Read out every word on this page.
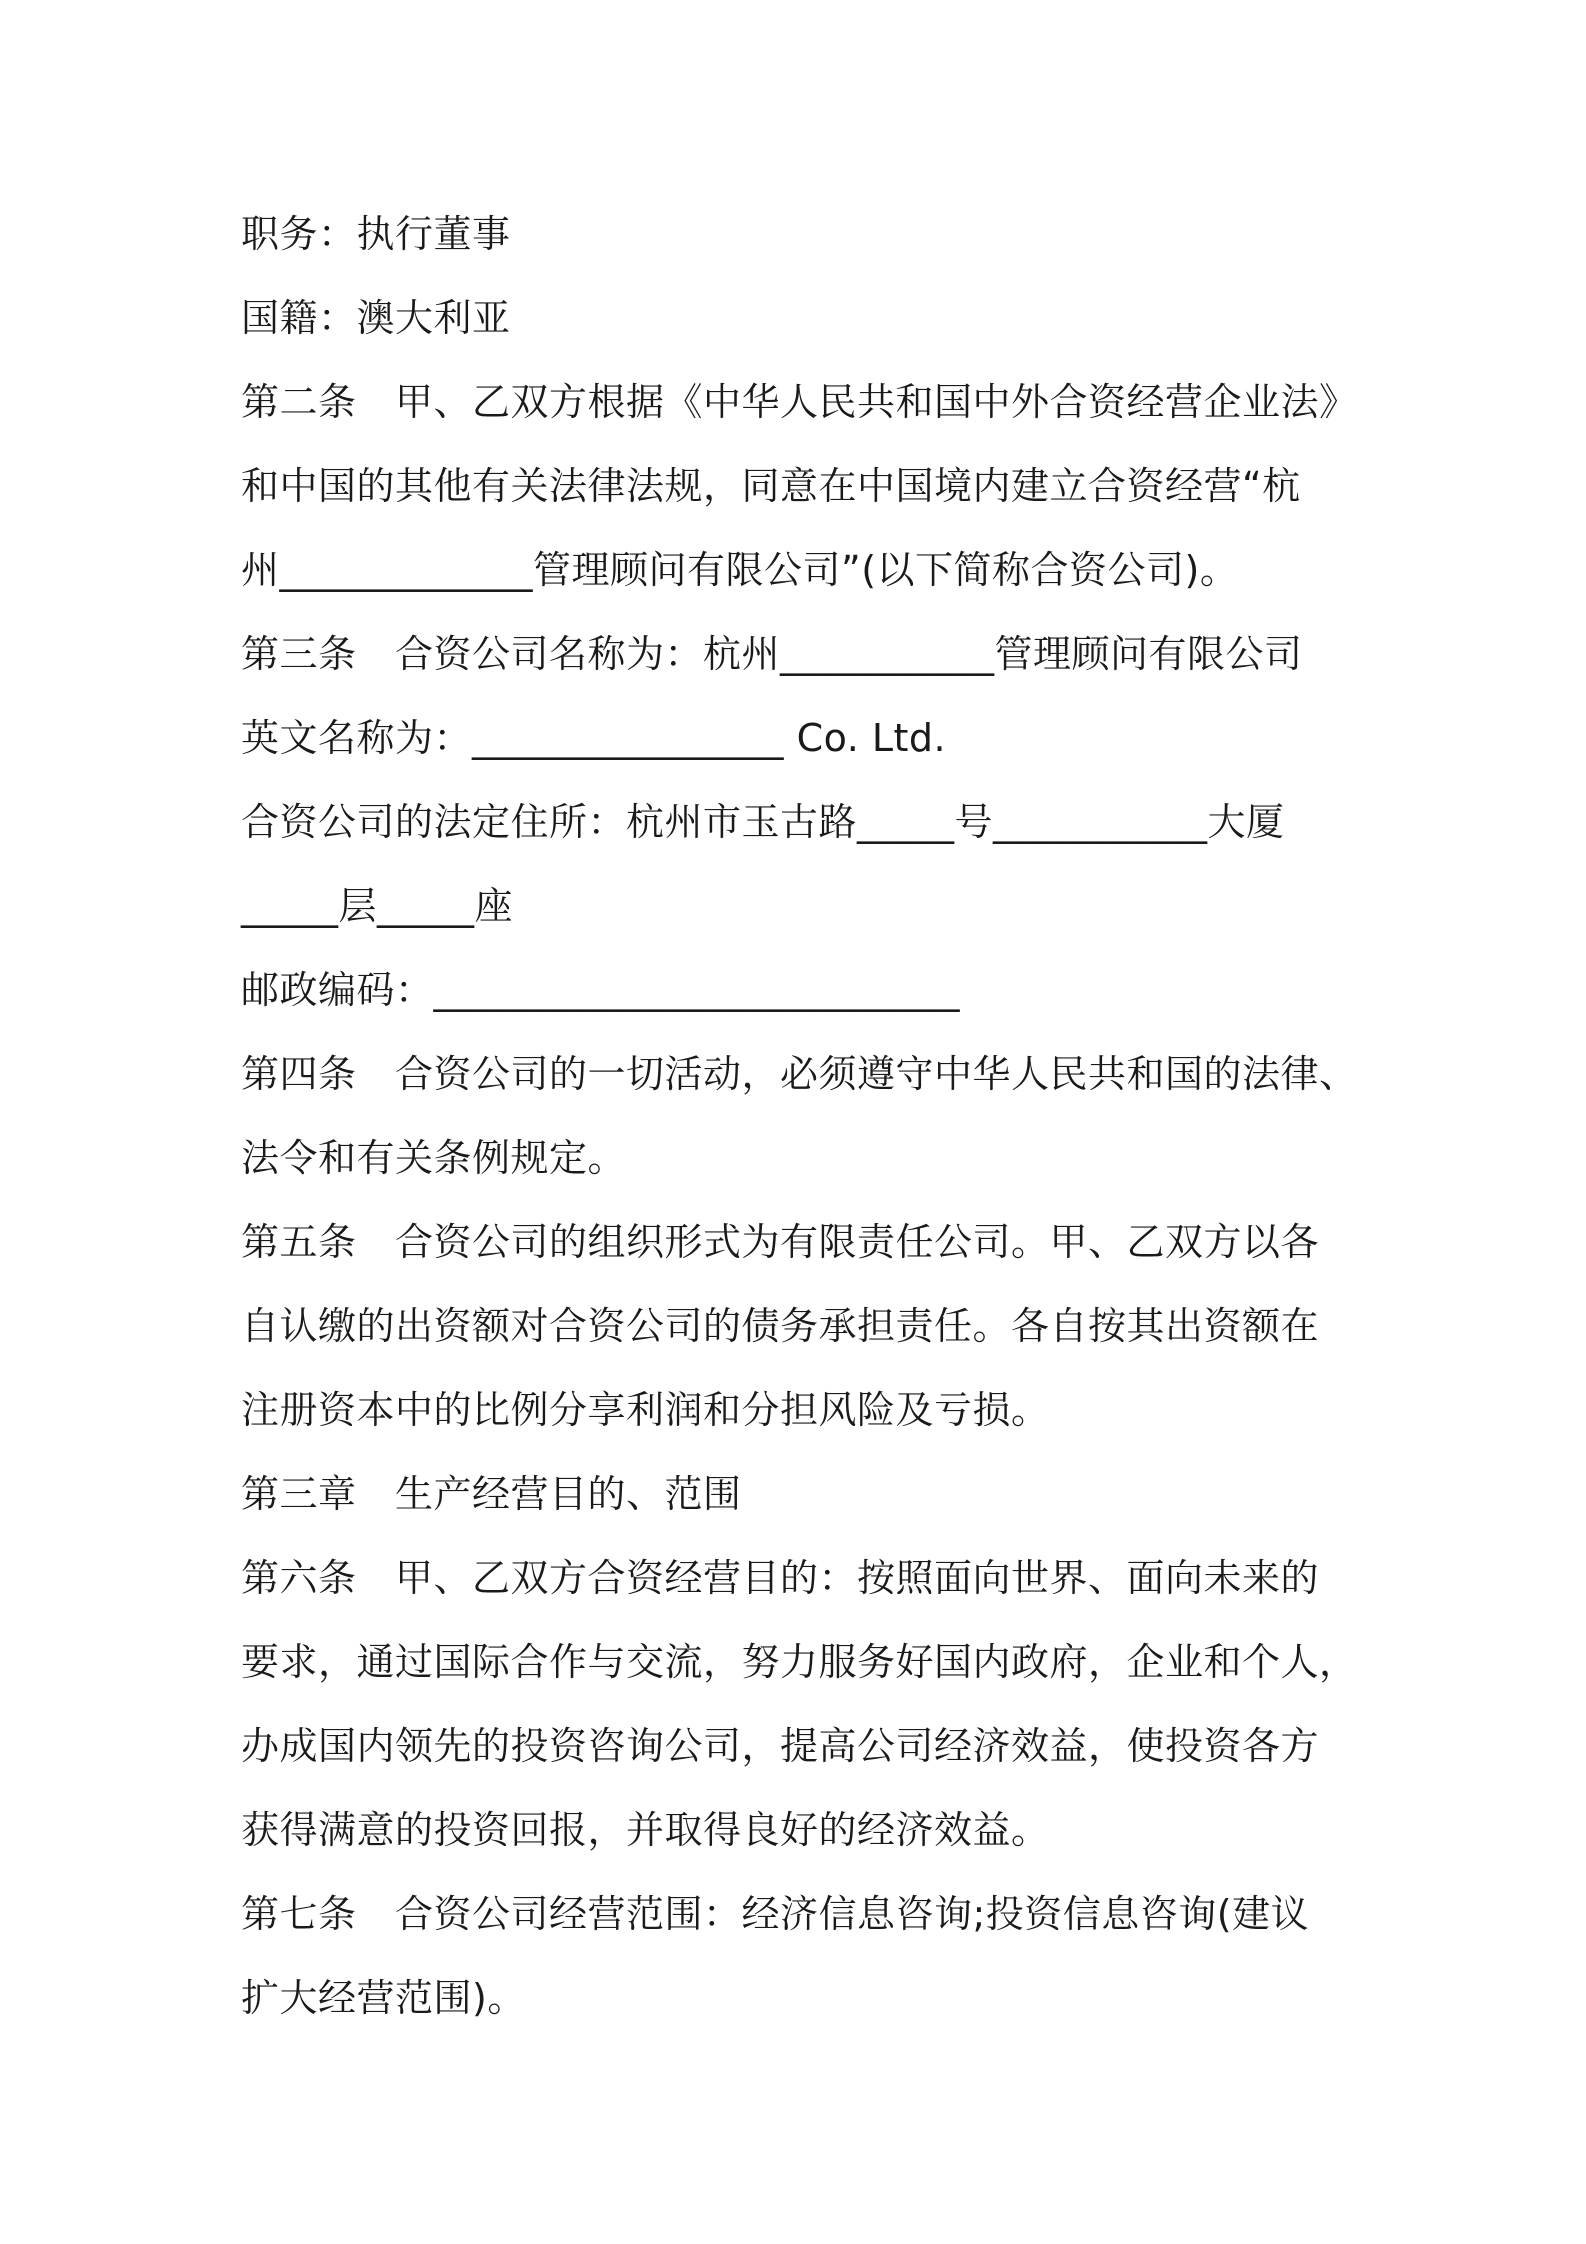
职务：执行董事
国籍：澳大利亚
第二条　甲、乙双方根据《中华人民共和国中外合资经营企业法》
和中国的其他有关法律法规，同意在中国境内建立合资经营“杭
州_____________管理顾问有限公司”(以下简称合资公司)。
第三条　合资公司名称为：杭州___________管理顾问有限公司
英文名称为：________________ Co. Ltd.
合资公司的法定住所：杭州市玉古路_____号___________大厦
_____层_____座
邮政编码：___________________________
第四条　合资公司的一切活动，必须遵守中华人民共和国的法律、
法令和有关条例规定。
第五条　合资公司的组织形式为有限责任公司。甲、乙双方以各
自认缴的出资额对合资公司的债务承担责任。各自按其出资额在
注册资本中的比例分享利润和分担风险及亏损。
第三章　生产经营目的、范围
第六条　甲、乙双方合资经营目的：按照面向世界、面向未来的
要求，通过国际合作与交流，努力服务好国内政府，企业和个人，
办成国内领先的投资咨询公司，提高公司经济效益，使投资各方
获得满意的投资回报，并取得良好的经济效益。
第七条　合资公司经营范围：经济信息咨询;投资信息咨询(建议
扩大经营范围)。
